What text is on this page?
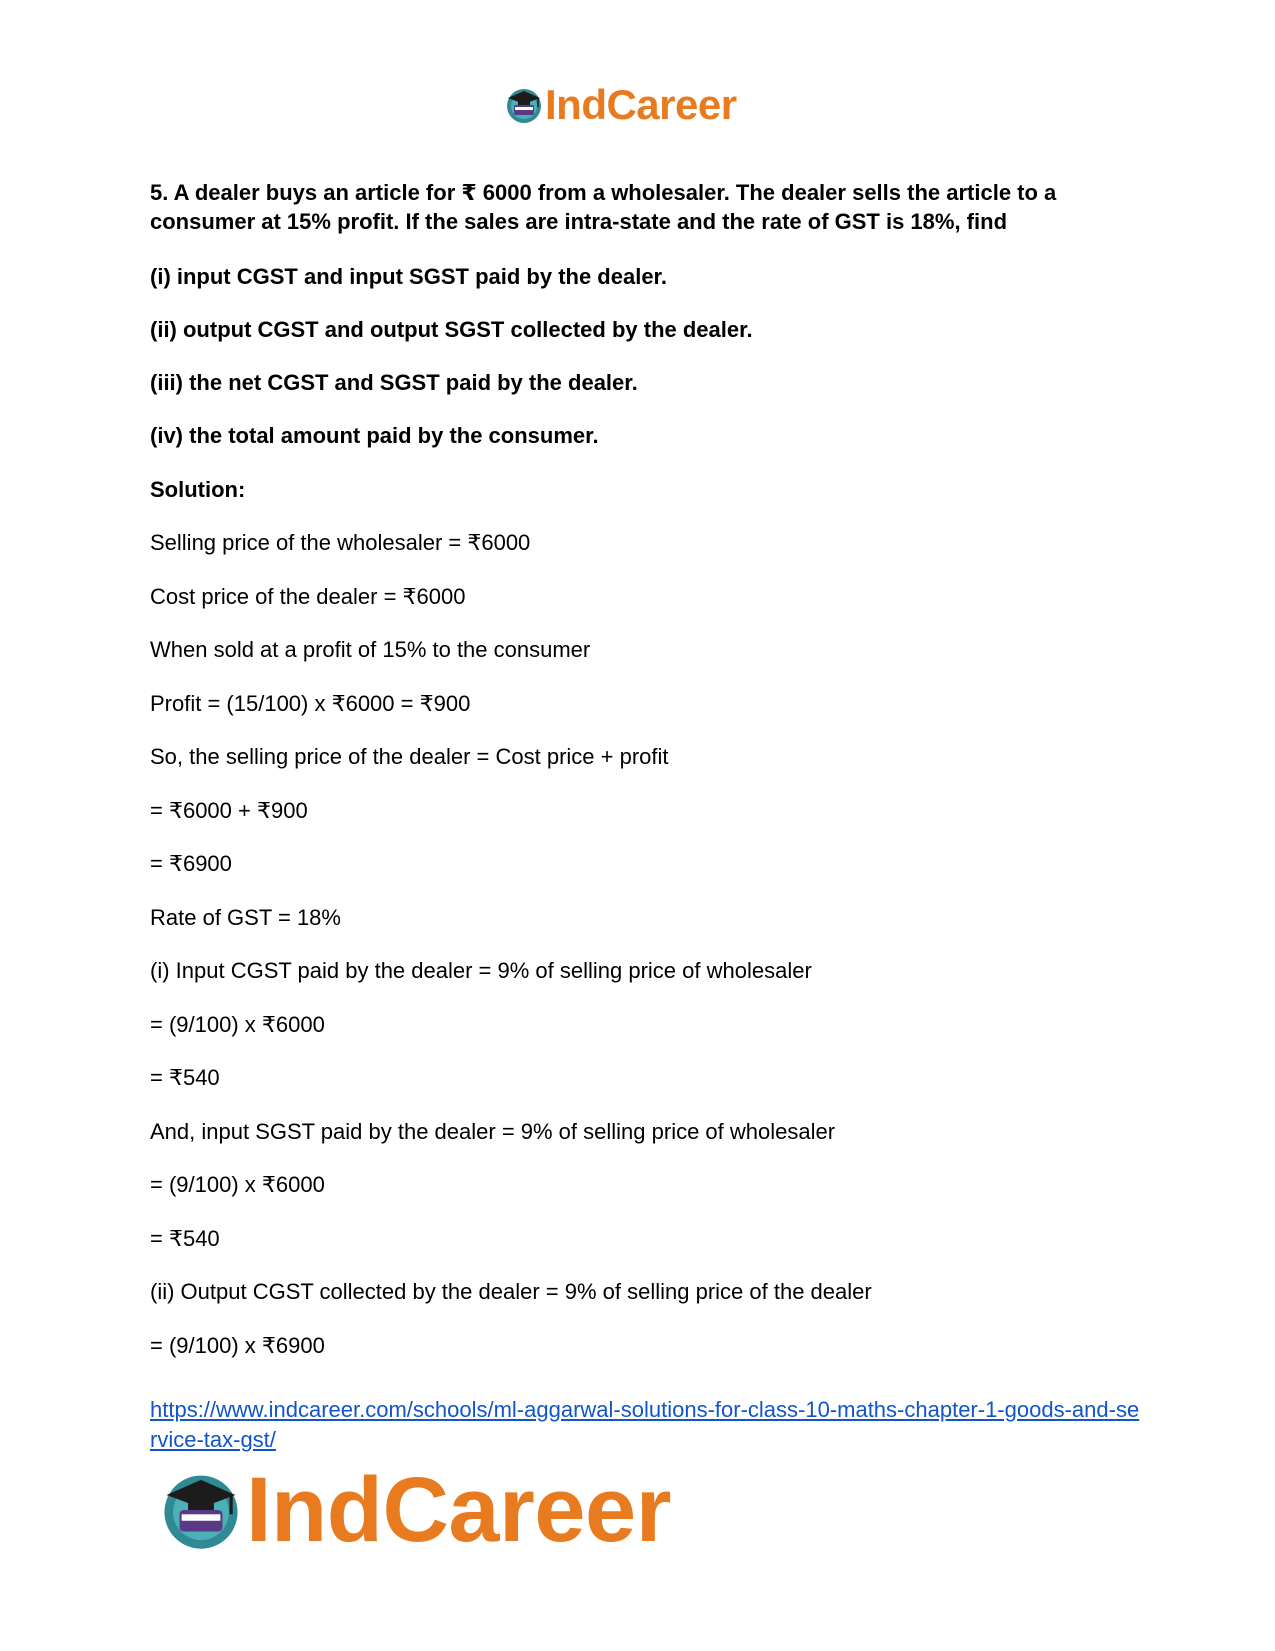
IndCareer
5. A dealer buys an article for ₹ 6000 from a wholesaler. The dealer sells the article to a consumer at 15% profit. If the sales are intra-state and the rate of GST is 18%, find
(i) input CGST and input SGST paid by the dealer.
(ii) output CGST and output SGST collected by the dealer.
(iii) the net CGST and SGST paid by the dealer.
(iv) the total amount paid by the consumer.
Solution:
Selling price of the wholesaler = ₹6000
Cost price of the dealer = ₹6000
When sold at a profit of 15% to the consumer
Profit = (15/100) x ₹6000 = ₹900
So, the selling price of the dealer = Cost price + profit
= ₹6000 + ₹900
= ₹6900
Rate of GST = 18%
(i) Input CGST paid by the dealer = 9% of selling price of wholesaler
= (9/100) x ₹6000
= ₹540
And, input SGST paid by the dealer = 9% of selling price of wholesaler
= (9/100) x ₹6000
= ₹540
(ii) Output CGST collected by the dealer = 9% of selling price of the dealer
= (9/100) x ₹6900
https://www.indcareer.com/schools/ml-aggarwal-solutions-for-class-10-maths-chapter-1-goods-and-service-tax-gst/
IndCareer
